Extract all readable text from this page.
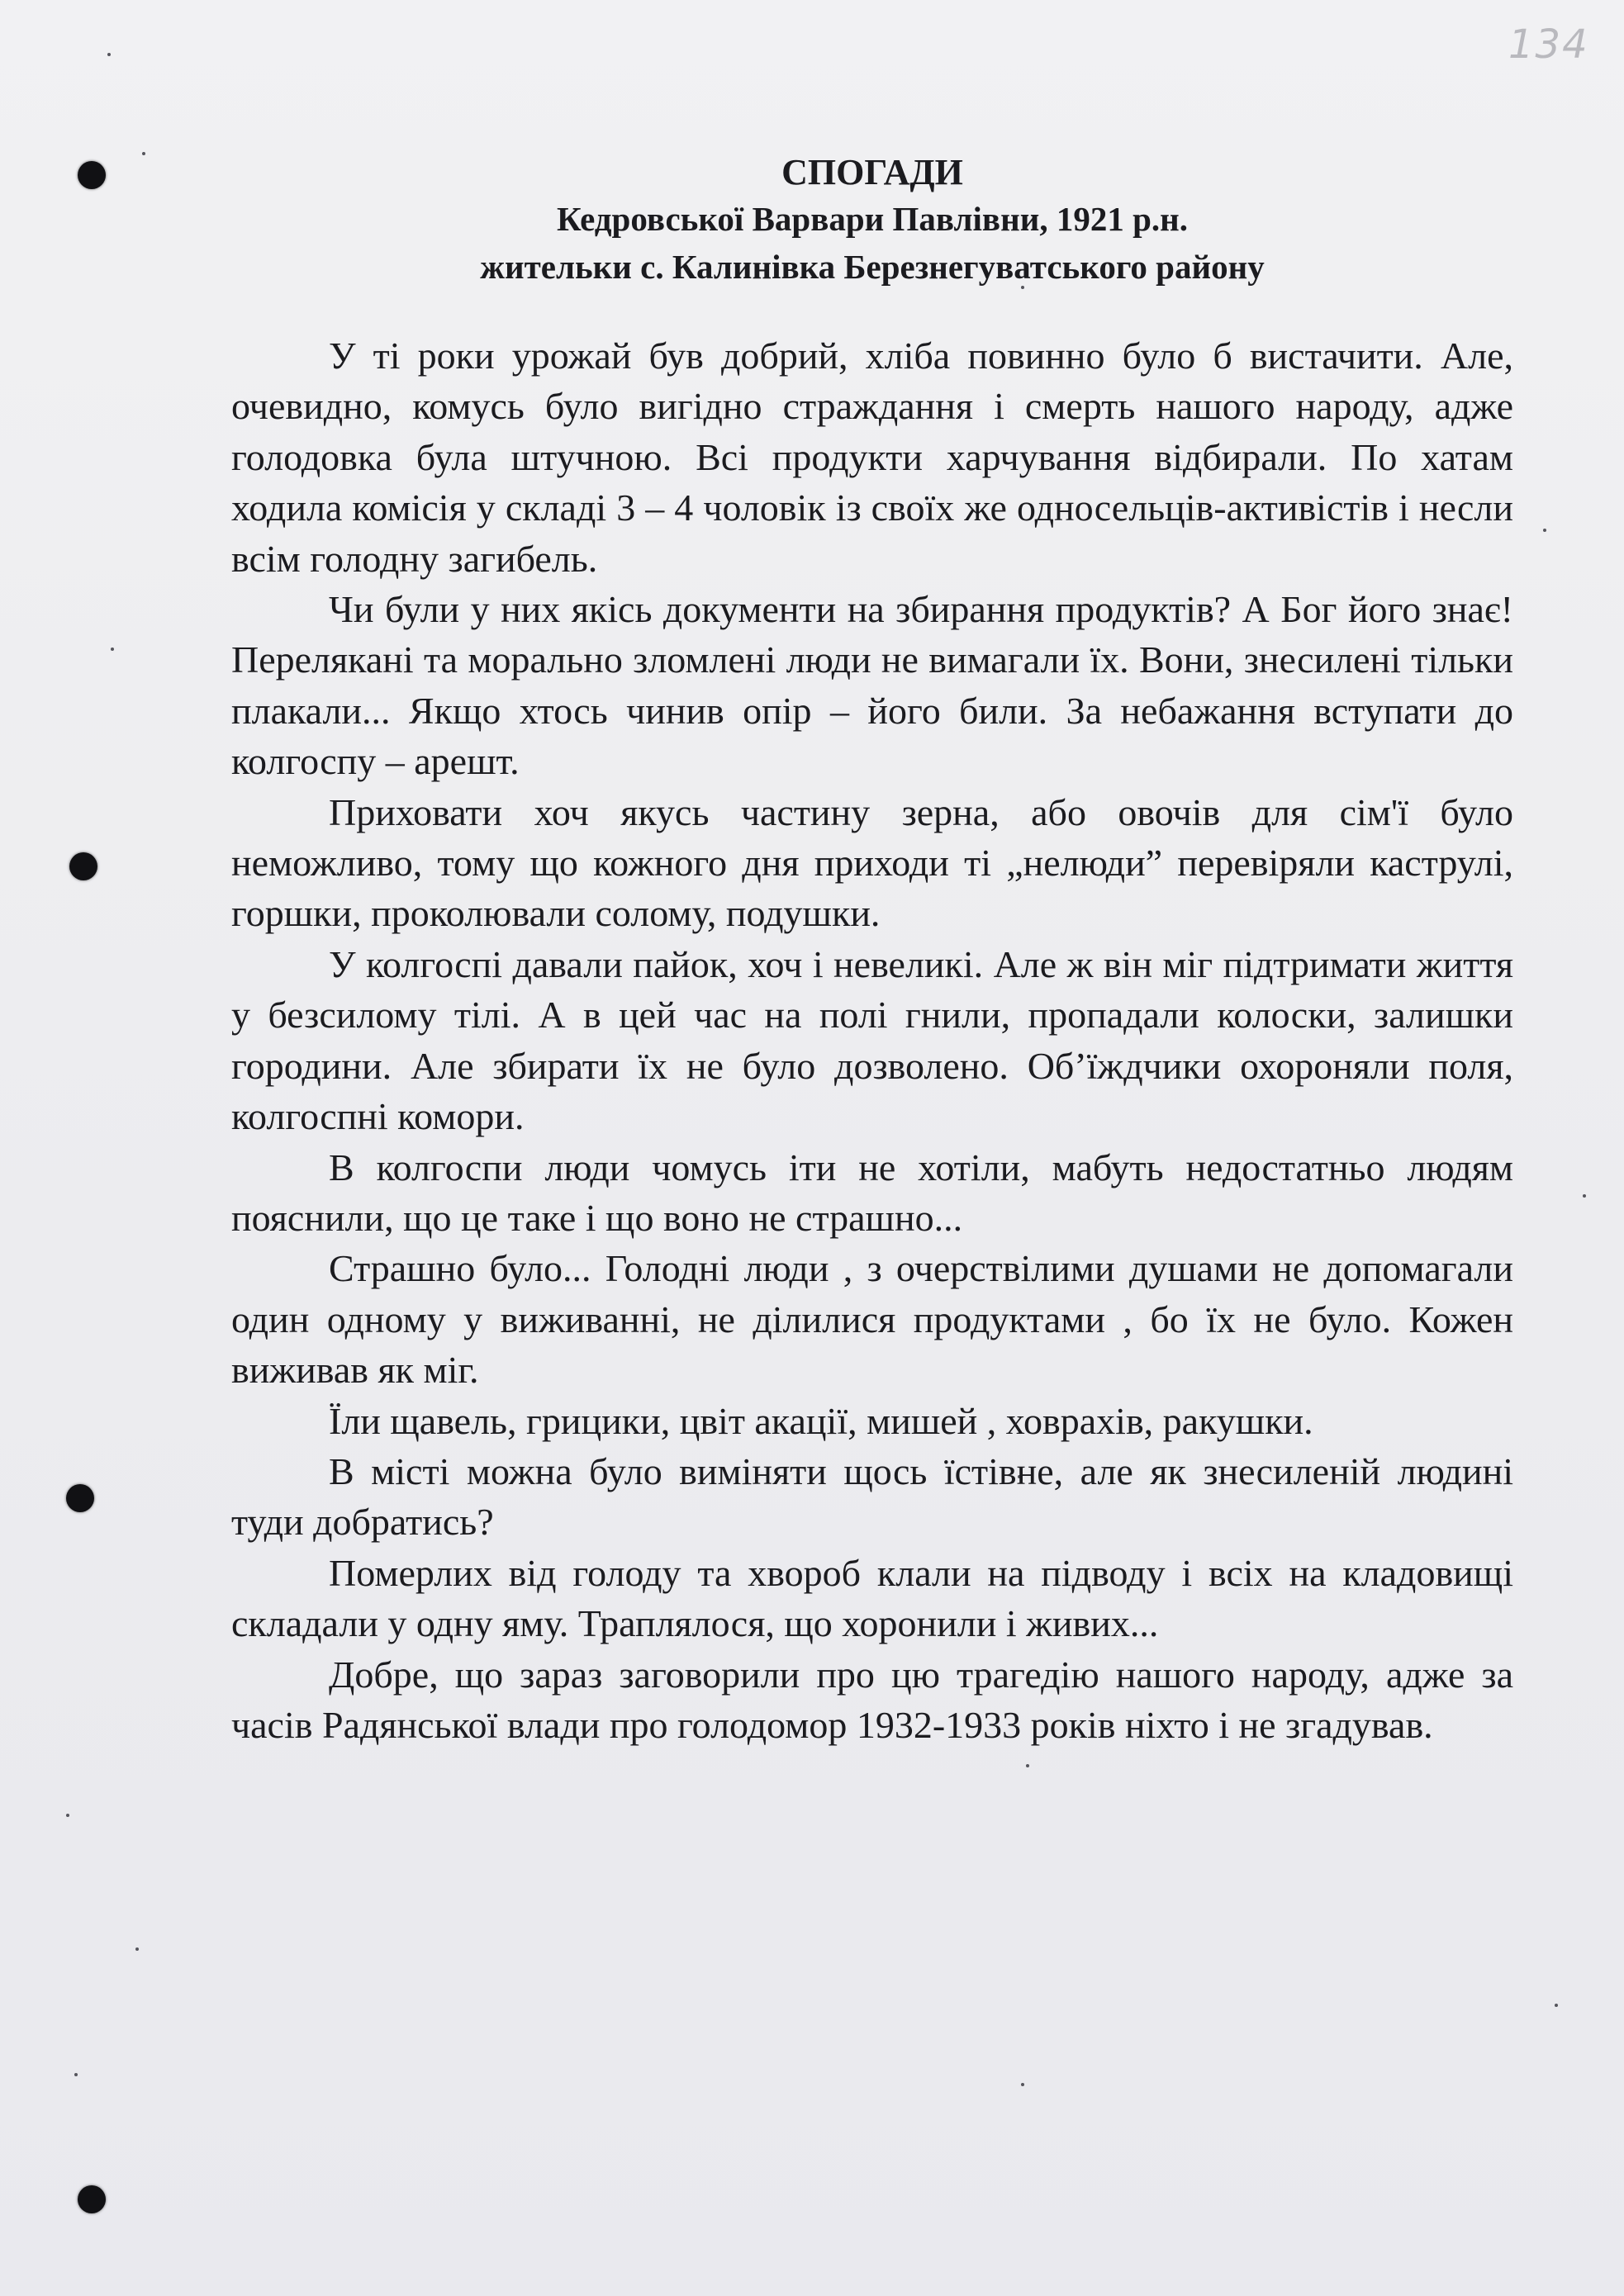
134
СПОГАДИ
Кедровської Варвари Павлівни, 1921 р.н.
жительки с. Калинівка Березнегуватського району

У ті роки урожай був добрий, хліба повинно було б вистачити. Але, очевидно, комусь було вигідно страждання і смерть нашого народу, адже голодовка була штучною. Всі продукти харчування відбирали. По хатам ходила комісія у складі 3 – 4 чоловік із своїх же односельців-активістів і несли всім голодну загибель.

Чи були у них якісь документи на збирання продуктів? А Бог його знає! Перелякані та морально зломлені люди не вимагали їх. Вони, знесилені тільки плакали... Якщо хтось чинив опір – його били. За небажання вступати до колгоспу – арешт.

Приховати хоч якусь частину зерна, або овочів для сім'ї було неможливо, тому що кожного дня приходи ті „нелюди” перевіряли каструлі, горшки, проколювали солому, подушки.

У колгоспі давали пайок, хоч і невеликі. Але ж він міг підтримати життя у безсилому тілі. А в цей час на полі гнили, пропадали колоски, залишки городини. Але збирати їх не було дозволено. Об’їждчики охороняли поля, колгоспні комори.

В колгоспи люди чомусь іти не хотіли, мабуть недостатньо людям пояснили, що це таке і що воно не страшно...

Страшно було... Голодні люди , з очерствілими душами не допомагали один одному у виживанні, не ділилися продуктами , бо їх не було. Кожен виживав як міг.

Їли щавель, грицики, цвіт акації, мишей , ховрахів, ракушки.

В місті можна було виміняти щось їстівне, але як знесиленій людині туди добратись?

Померлих від голоду та хвороб клали на підводу і всіх на кладовищі складали у одну яму. Траплялося, що хоронили і живих...

Добре, що зараз заговорили про цю трагедію нашого народу, адже за часів Радянської влади про голодомор 1932-1933 років ніхто і не згадував.
